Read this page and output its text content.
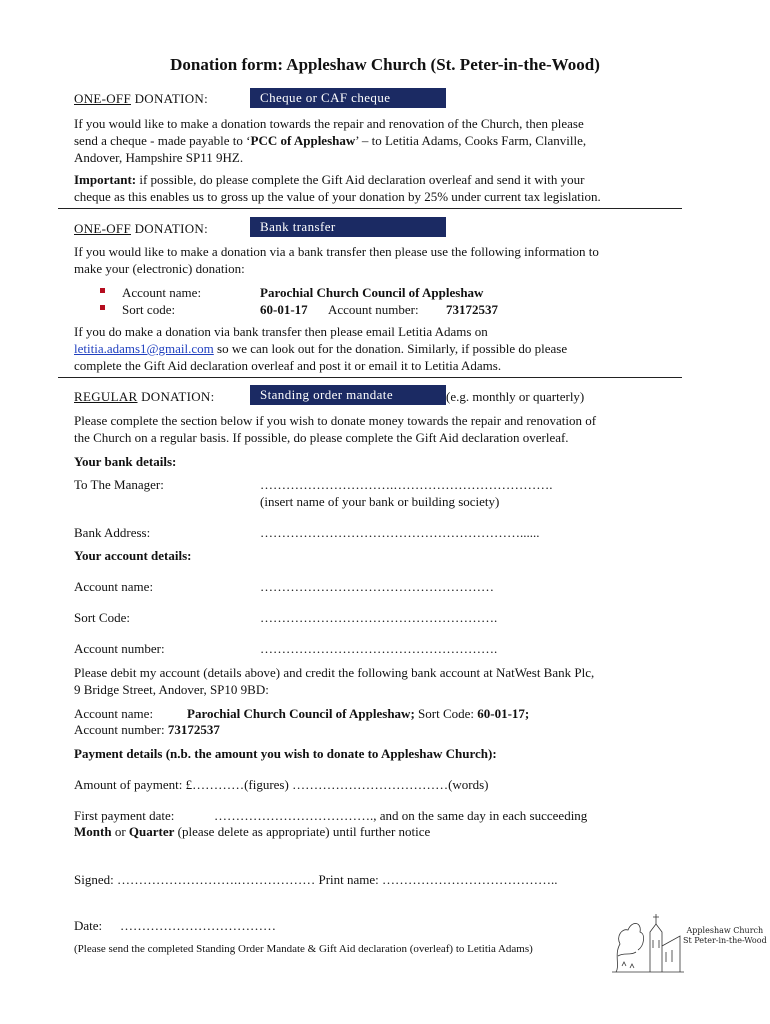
Donation form: Appleshaw Church (St. Peter-in-the-Wood)
ONE-OFF DONATION:	Cheque or CAF cheque
If you would like to make a donation towards the repair and renovation of the Church, then please
send a cheque - made payable to ‘PCC of Appleshaw’ – to Letitia Adams, Cooks Farm, Clanville,
Andover, Hampshire SP11 9HZ.
Important: if possible, do please complete the Gift Aid declaration overleaf and send it with your
cheque as this enables us to gross up the value of your donation by 25% under current tax legislation.
ONE-OFF DONATION:	Bank transfer
If you would like to make a donation via a bank transfer then please use the following information to
make your (electronic) donation:
Account name:	Parochial Church Council of Appleshaw
Sort code:	60-01-17 Account number: 73172537
If you do make a donation via bank transfer then please email Letitia Adams on
letitia.adams1@gmail.com so we can look out for the donation. Similarly, if possible do please
complete the Gift Aid declaration overleaf and post it or email it to Letitia Adams.
REGULAR DONATION:	Standing order mandate	(e.g. monthly or quarterly)
Please complete the section below if you wish to donate money towards the repair and renovation of
the Church on a regular basis. If possible, do please complete the Gift Aid declaration overleaf.
Your bank details:
To The Manager:	………………………….……………………………….
(insert name of your bank or building society)
Bank Address:	……………………………………………………......
Your account details:
Account name:	………………………………………………
Sort Code:	……………………………………………….
Account number:	……………………………………………….
Please debit my account (details above) and credit the following bank account at NatWest Bank Plc,
9 Bridge Street, Andover, SP10 9BD:
Account name:	Parochial Church Council of Appleshaw; Sort Code: 60-01-17;
Account number: 73172537
Payment details (n.b. the amount you wish to donate to Appleshaw Church):
Amount of payment: £…………(figures) ………………………………(words)
First payment date:	………………………………., and on the same day in each succeeding
Month or Quarter (please delete as appropriate) until further notice
Signed: ……………………….……………… Print name: …………………………………..
Date: ………………………………
(Please send the completed Standing Order Mandate & Gift Aid declaration (overleaf) to Letitia Adams)
Appleshaw Church
St Peter-in-the-Wood
